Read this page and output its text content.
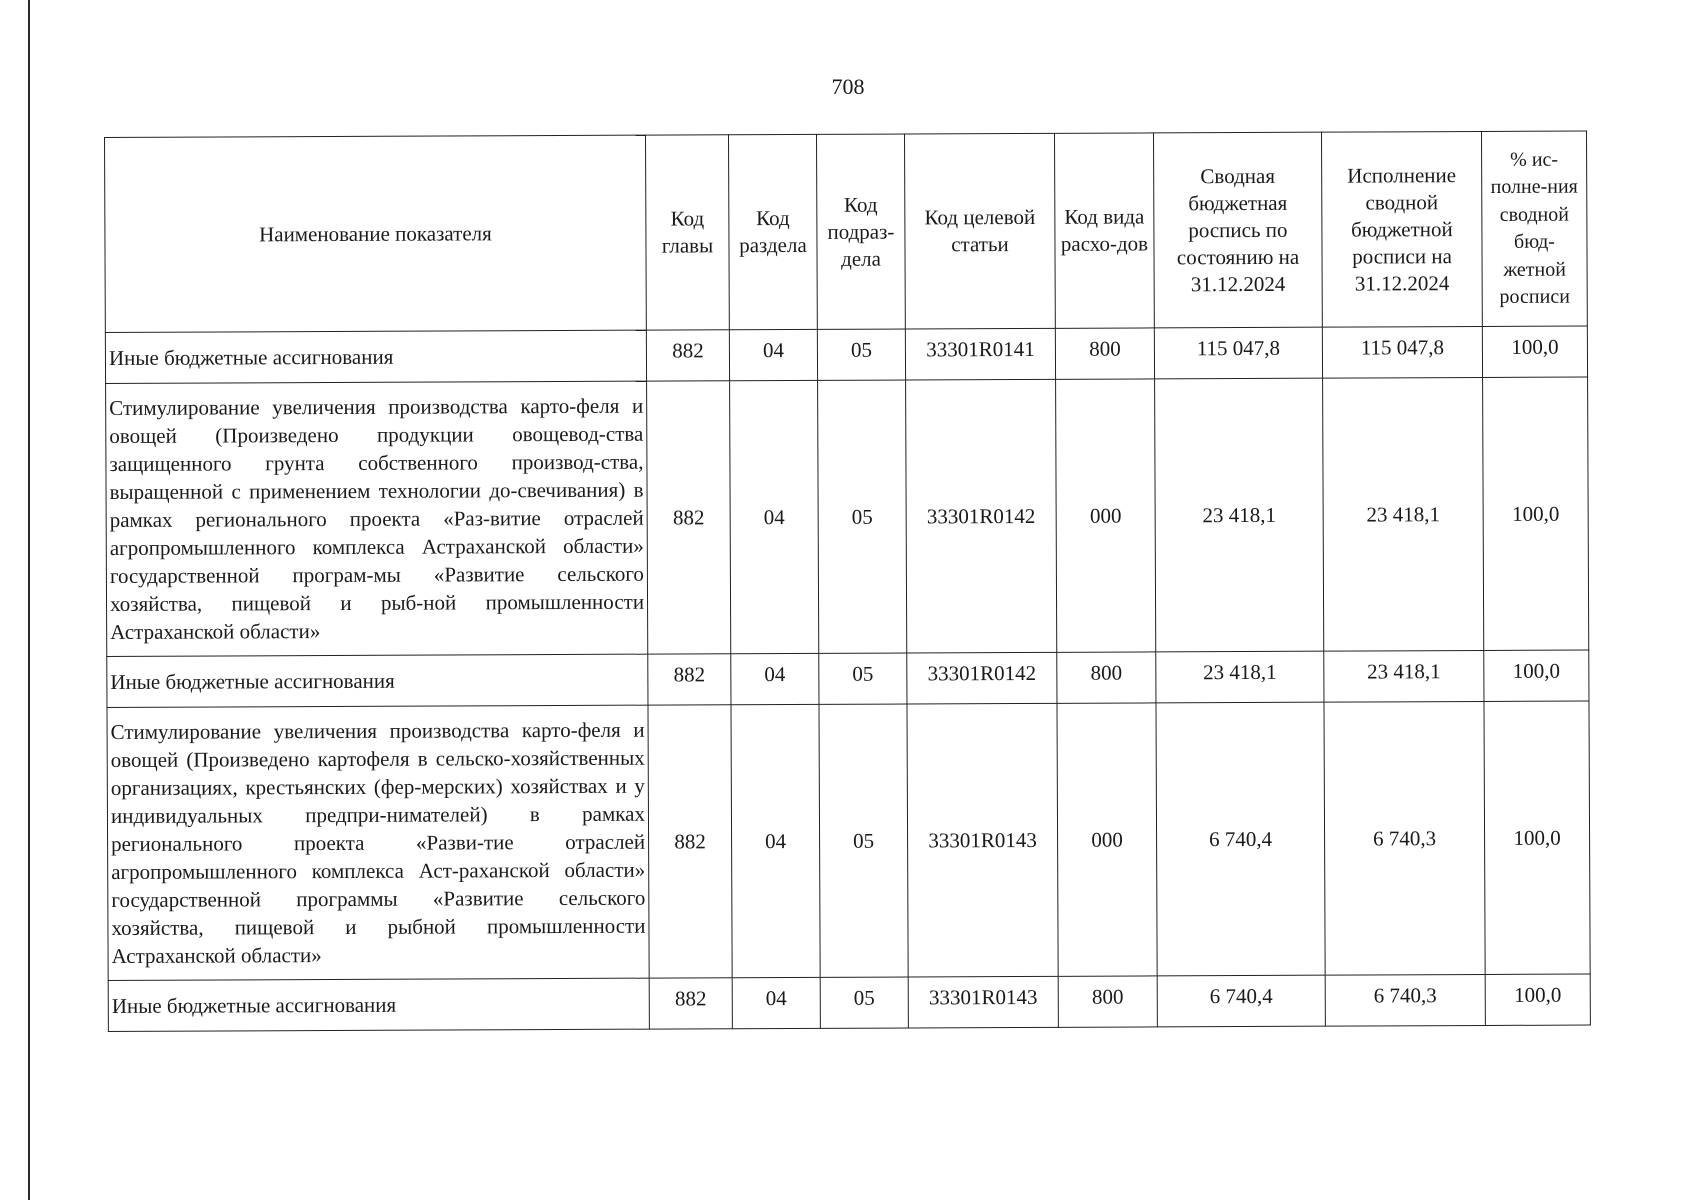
708
Наименование показателя	Код главы	Код раздела	Код подраз-дела	Код целевой статьи	Код вида расхо-дов	Сводная бюджетная роспись по состоянию на 31.12.2024	Исполнение сводной бюджетной росписи на 31.12.2024	% ис-полне-ния сводной бюд-жетной росписи
Иные бюджетные ассигнования	882	04	05	33301R0141	800	115 047,8	115 047,8	100,0
Стимулирование увеличения производства карто-феля и овощей (Произведено продукции овощевод-ства защищенного грунта собственного производ-ства, выращенной с применением технологии до-свечивания) в рамках регионального проекта «Раз-витие отраслей агропромышленного комплекса Астраханской области» государственной програм-мы «Развитие сельского хозяйства, пищевой и рыб-ной промышленности Астраханской области»	882	04	05	33301R0142	000	23 418,1	23 418,1	100,0
Иные бюджетные ассигнования	882	04	05	33301R0142	800	23 418,1	23 418,1	100,0
Стимулирование увеличения производства карто-феля и овощей (Произведено картофеля в сельско-хозяйственных организациях, крестьянских (фер-мерских) хозяйствах и у индивидуальных предпри-нимателей) в рамках регионального проекта «Разви-тие отраслей агропромышленного комплекса Аст-раханской области» государственной программы «Развитие сельского хозяйства, пищевой и рыбной промышленности Астраханской области»	882	04	05	33301R0143	000	6 740,4	6 740,3	100,0
Иные бюджетные ассигнования	882	04	05	33301R0143	800	6 740,4	6 740,3	100,0
